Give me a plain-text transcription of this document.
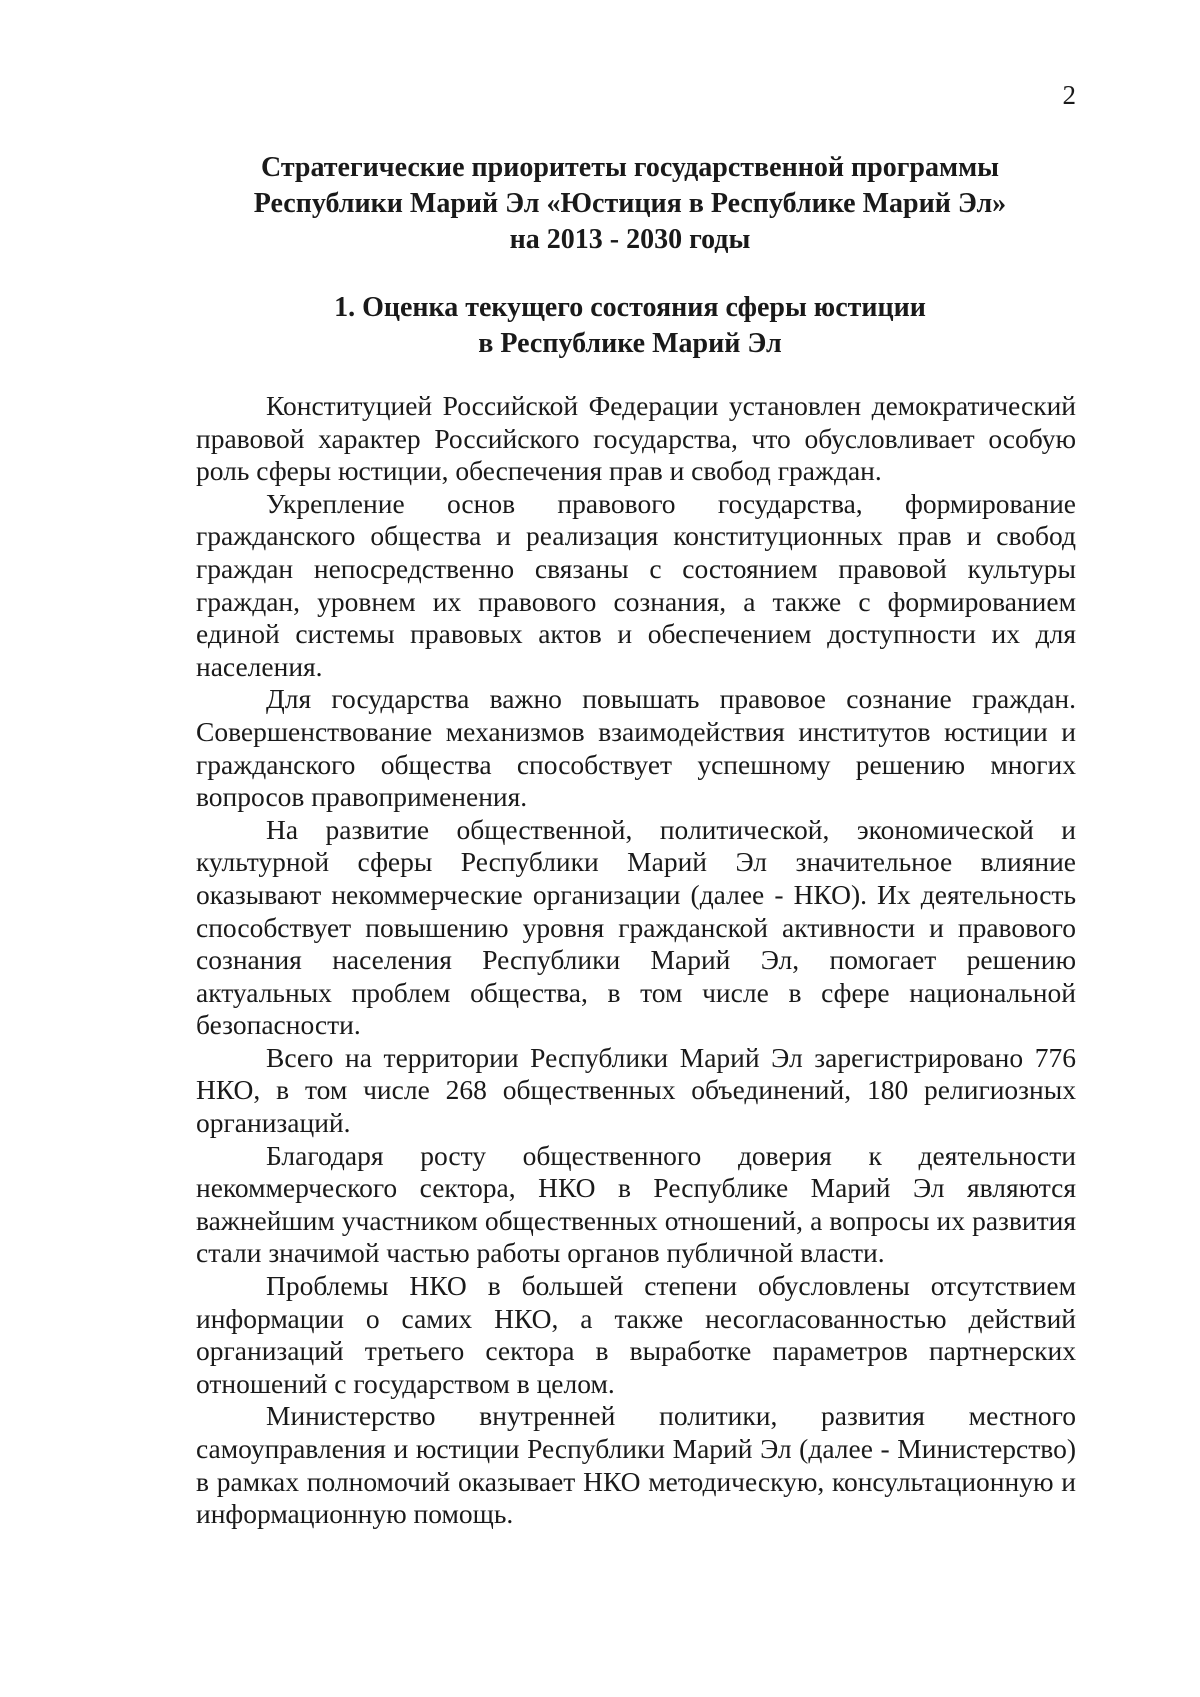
2
Стратегические приоритеты государственной программы
Республики Марий Эл «Юстиция в Республике Марий Эл»
на 2013 - 2030 годы
1. Оценка текущего состояния сферы юстиции
в Республике Марий Эл

Конституцией Российской Федерации установлен демократический правовой характер Российского государства, что обусловливает особую роль сферы юстиции, обеспечения прав и свобод граждан.

Укрепление основ правового государства, формирование гражданского общества и реализация конституционных прав и свобод граждан непосредственно связаны с состоянием правовой культуры граждан, уровнем их правового сознания, а также с формированием единой системы правовых актов и обеспечением доступности их для населения.

Для государства важно повышать правовое сознание граждан. Совершенствование механизмов взаимодействия институтов юстиции и гражданского общества способствует успешному решению многих вопросов правоприменения.

На развитие общественной, политической, экономической и культурной сферы Республики Марий Эл значительное влияние оказывают некоммерческие организации (далее - НКО). Их деятельность способствует повышению уровня гражданской активности и правового сознания населения Республики Марий Эл, помогает решению актуальных проблем общества, в том числе в сфере национальной безопасности.

Всего на территории Республики Марий Эл зарегистрировано 776 НКО, в том числе 268 общественных объединений, 180 религиозных организаций.

Благодаря росту общественного доверия к деятельности некоммерческого сектора, НКО в Республике Марий Эл являются важнейшим участником общественных отношений, а вопросы их развития стали значимой частью работы органов публичной власти.

Проблемы НКО в большей степени обусловлены отсутствием информации о самих НКО, а также несогласованностью действий организаций третьего сектора в выработке параметров партнерских отношений с государством в целом.

Министерство внутренней политики, развития местного самоуправления и юстиции Республики Марий Эл (далее - Министерство) в рамках полномочий оказывает НКО методическую, консультационную и информационную помощь.
